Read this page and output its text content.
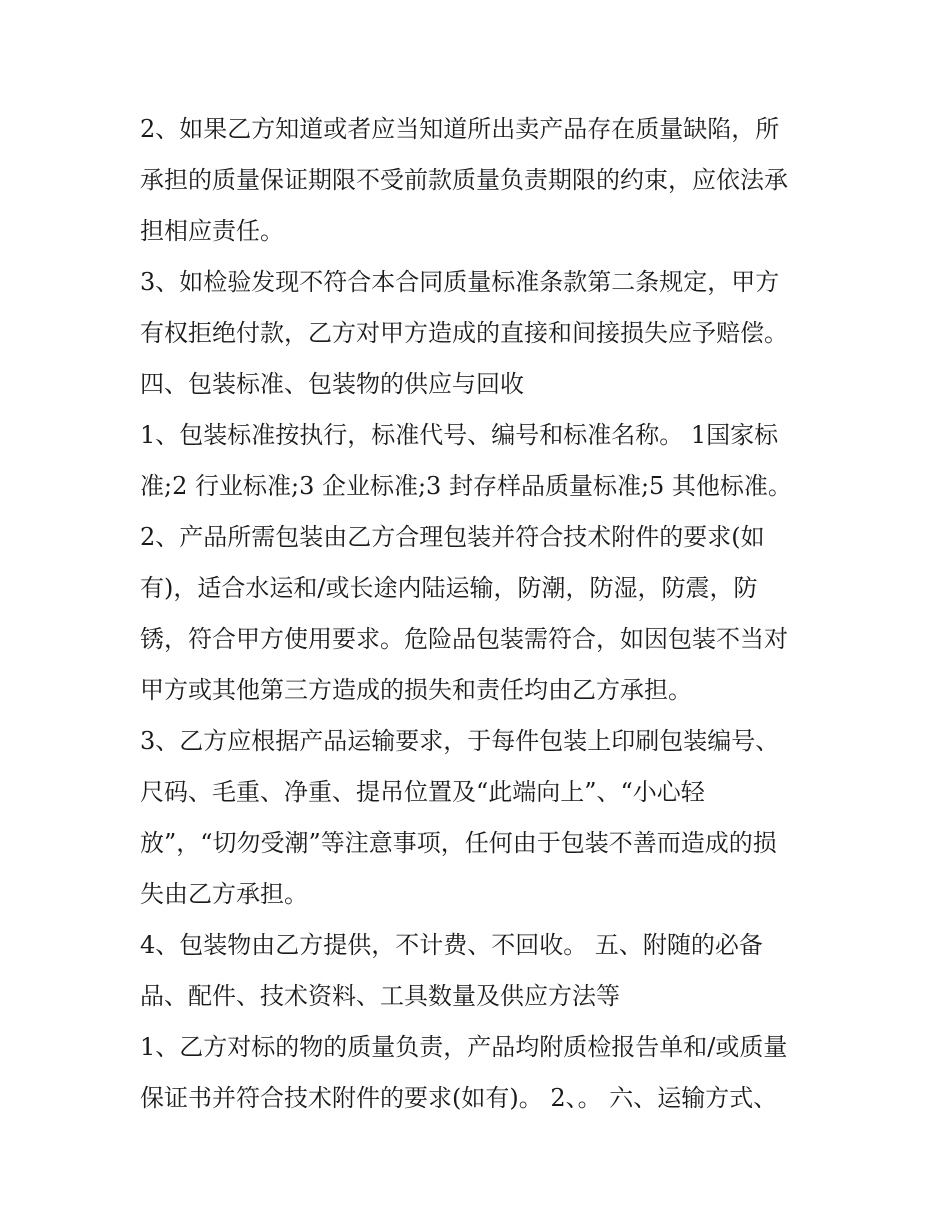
2、如果乙方知道或者应当知道所出卖产品存在质量缺陷，所
承担的质量保证期限不受前款质量负责期限的约束，应依法承
担相应责任。
3、如检验发现不符合本合同质量标准条款第二条规定，甲方
有权拒绝付款，乙方对甲方造成的直接和间接损失应予赔偿。
四、包装标准、包装物的供应与回收
1、包装标准按执行，标准代号、编号和标准名称。 1国家标
准;2 行业标准;3 企业标准;3 封存样品质量标准;5 其他标准。
2、产品所需包装由乙方合理包装并符合技术附件的要求(如
有)，适合水运和/或长途内陆运输，防潮，防湿，防震，防
锈，符合甲方使用要求。危险品包装需符合，如因包装不当对
甲方或其他第三方造成的损失和责任均由乙方承担。
3、乙方应根据产品运输要求，于每件包装上印刷包装编号、
尺码、毛重、净重、提吊位置及“此端向上”、“小心轻
放”，“切勿受潮”等注意事项，任何由于包装不善而造成的损
失由乙方承担。
4、包装物由乙方提供，不计费、不回收。 五、附随的必备
品、配件、技术资料、工具数量及供应方法等
1、乙方对标的物的质量负责，产品均附质检报告单和/或质量
保证书并符合技术附件的要求(如有)。 2、。 六、运输方式、
